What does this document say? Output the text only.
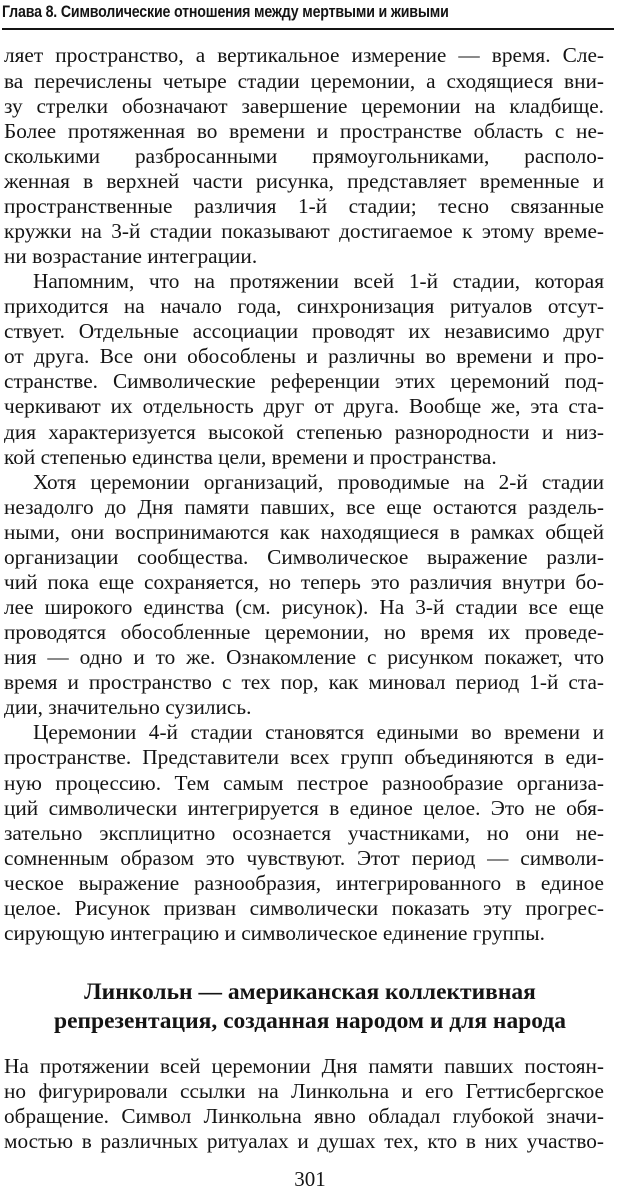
Глава 8. Символические отношения между мертвыми и живыми
ляет пространство, а вертикальное измерение — время. Сле-
ва перечислены четыре стадии церемонии, а сходящиеся вни-
зу стрелки обозначают завершение церемонии на кладбище.
Более протяженная во времени и пространстве область с не-
сколькими разбросанными прямоугольниками, располо-
женная в верхней части рисунка, представляет временные и
пространственные различия 1-й стадии; тесно связанные
кружки на 3-й стадии показывают достигаемое к этому време-
ни возрастание интеграции.
Напомним, что на протяжении всей 1-й стадии, которая
приходится на начало года, синхронизация ритуалов отсут-
ствует. Отдельные ассоциации проводят их независимо друг
от друга. Все они обособлены и различны во времени и про-
странстве. Символические референции этих церемоний под-
черкивают их отдельность друг от друга. Вообще же, эта ста-
дия характеризуется высокой степенью разнородности и низ-
кой степенью единства цели, времени и пространства.
Хотя церемонии организаций, проводимые на 2-й стадии
незадолго до Дня памяти павших, все еще остаются раздель-
ными, они воспринимаются как находящиеся в рамках общей
организации сообщества. Символическое выражение разли-
чий пока еще сохраняется, но теперь это различия внутри бо-
лее широкого единства (см. рисунок). На 3-й стадии все еще
проводятся обособленные церемонии, но время их проведе-
ния — одно и то же. Ознакомление с рисунком покажет, что
время и пространство с тех пор, как миновал период 1-й ста-
дии, значительно сузились.
Церемонии 4-й стадии становятся едиными во времени и
пространстве. Представители всех групп объединяются в еди-
ную процессию. Тем самым пестрое разнообразие организа-
ций символически интегрируется в единое целое. Это не обя-
зательно эксплицитно осознается участниками, но они не-
сомненным образом это чувствуют. Этот период — символи-
ческое выражение разнообразия, интегрированного в единое
целое. Рисунок призван символически показать эту прогрес-
сирующую интеграцию и символическое единение группы.
Линкольн — американская коллективная
репрезентация, созданная народом и для народа
На протяжении всей церемонии Дня памяти павших постоян-
но фигурировали ссылки на Линкольна и его Геттисбергское
обращение. Символ Линкольна явно обладал глубокой значи-
мостью в различных ритуалах и душах тех, кто в них участво-
301
